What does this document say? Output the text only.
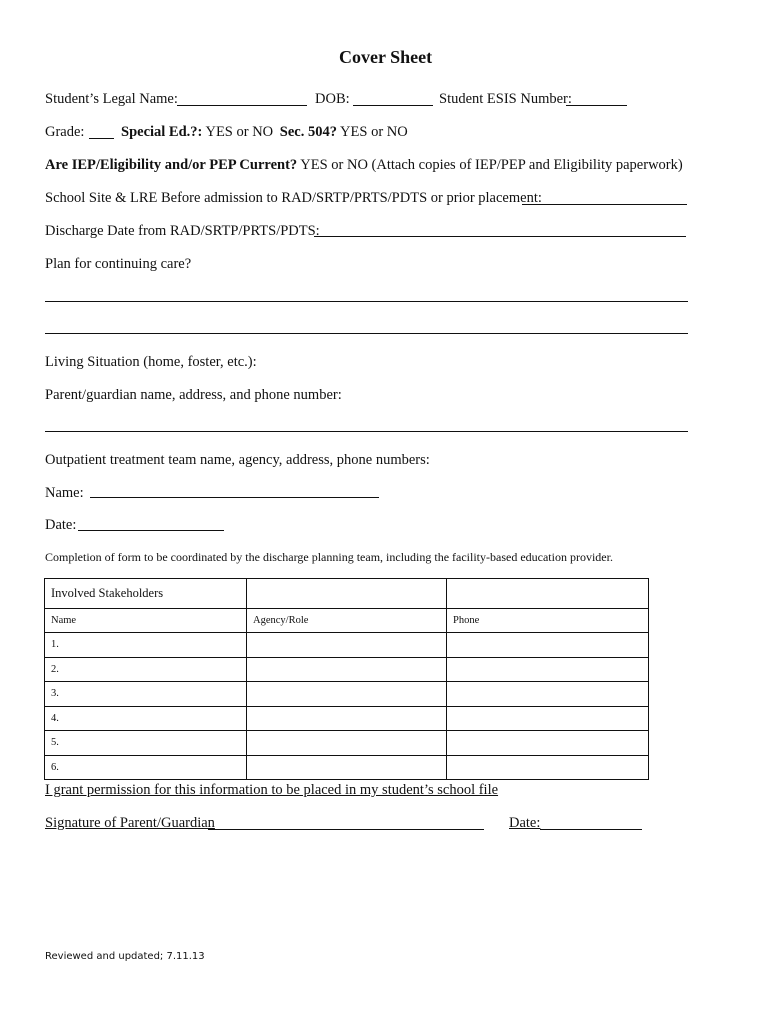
Cover Sheet
Student’s Legal Name:	DOB:	Student ESIS Number:
Grade:	Special Ed.?: YES or NO Sec. 504? YES or NO
Are IEP/Eligibility and/or PEP Current? YES or NO (Attach copies of IEP/PEP and Eligibility paperwork)
School Site & LRE Before admission to RAD/SRTP/PRTS/PDTS or prior placement:
Discharge Date from RAD/SRTP/PRTS/PDTS:
Plan for continuing care?
Living Situation (home, foster, etc.):
Parent/guardian name, address, and phone number:
Outpatient treatment team name, agency, address, phone numbers:
Name:
Date:
Completion of form to be coordinated by the discharge planning team, including the facility-based education provider.
Involved Stakeholders		
Name	Agency/Role	Phone
1.		
2.		
3.		
4.		
5.		
6.		
I grant permission for this information to be placed in my student’s school file
Signature of Parent/Guardian	Date:
Reviewed and updated; 7.11.13
